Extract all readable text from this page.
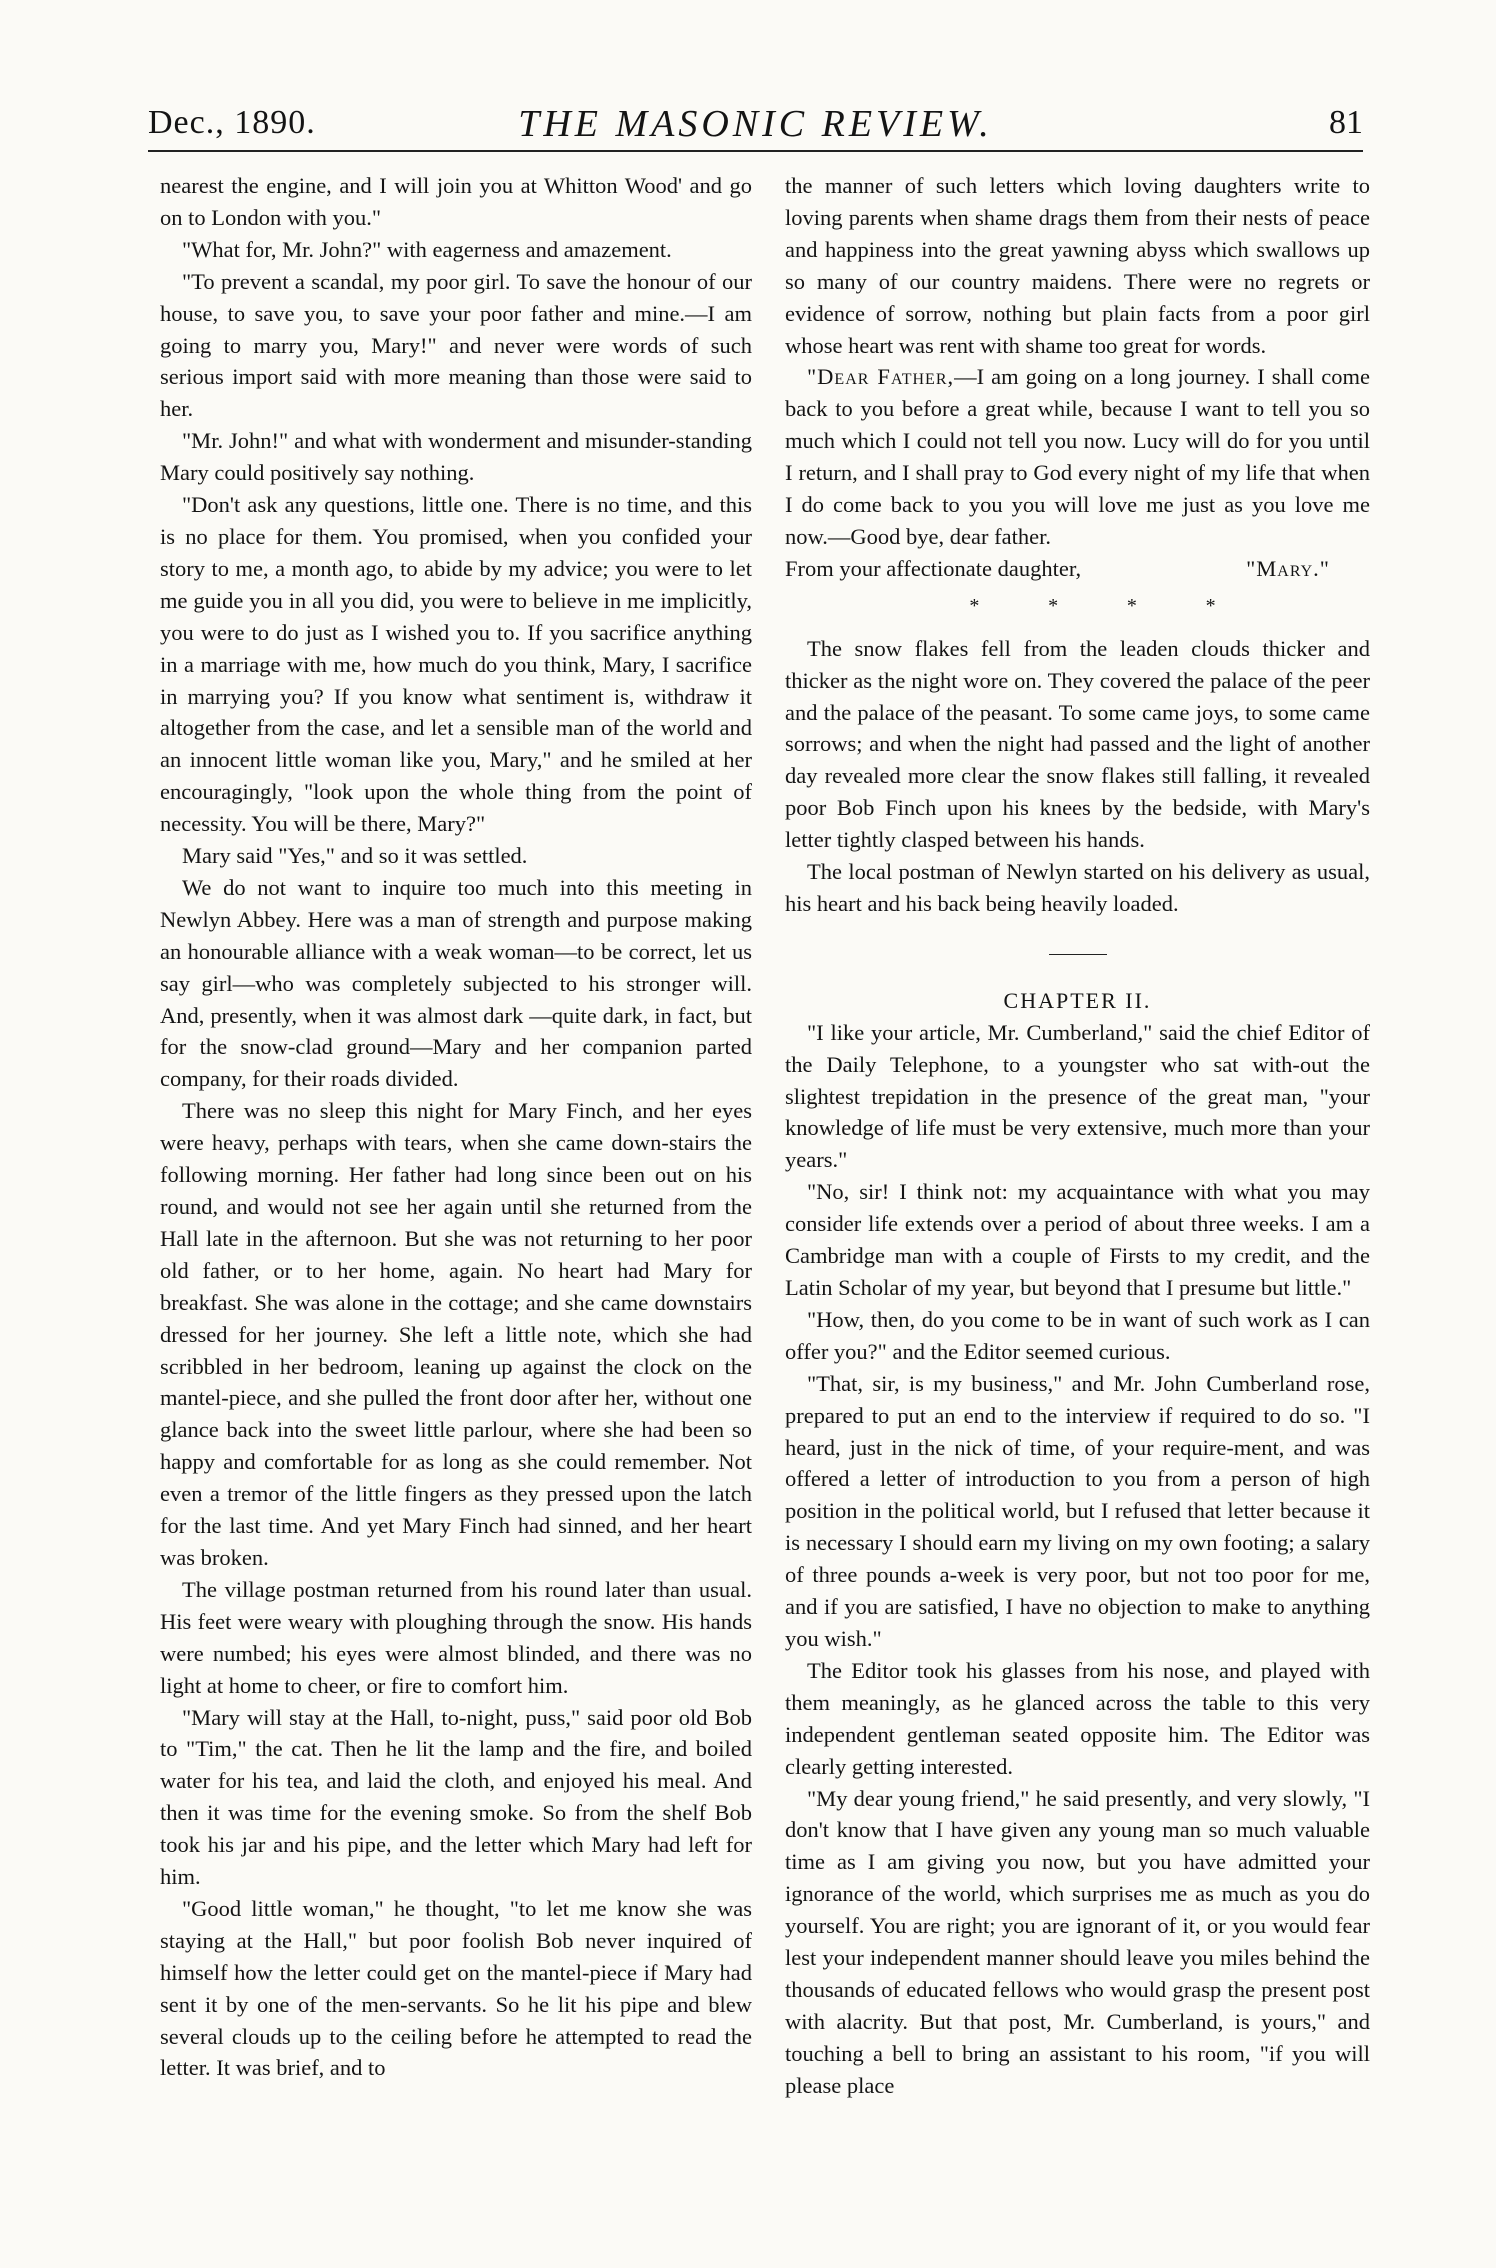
Dec., 1890.	THE MASONIC REVIEW.	81

nearest the engine, and I will join you at Whitton Wood' and go on to London with you."

"What for, Mr. John?" with eagerness and amazement.

"To prevent a scandal, my poor girl. To save the honour of our house, to save you, to save your poor father and mine.—I am going to marry you, Mary!" and never were words of such serious import said with more meaning than those were said to her.

"Mr. John!" and what with wonderment and misunder-standing Mary could positively say nothing.

"Don't ask any questions, little one. There is no time, and this is no place for them. You promised, when you confided your story to me, a month ago, to abide by my advice; you were to let me guide you in all you did, you were to believe in me implicitly, you were to do just as I wished you to. If you sacrifice anything in a marriage with me, how much do you think, Mary, I sacrifice in marrying you? If you know what sentiment is, withdraw it altogether from the case, and let a sensible man of the world and an innocent little woman like you, Mary," and he smiled at her encouragingly, "look upon the whole thing from the point of necessity. You will be there, Mary?"

Mary said "Yes," and so it was settled.

We do not want to inquire too much into this meeting in Newlyn Abbey. Here was a man of strength and purpose making an honourable alliance with a weak woman—to be correct, let us say girl—who was completely subjected to his stronger will. And, presently, when it was almost dark —quite dark, in fact, but for the snow-clad ground—Mary and her companion parted company, for their roads divided.

There was no sleep this night for Mary Finch, and her eyes were heavy, perhaps with tears, when she came down-stairs the following morning. Her father had long since been out on his round, and would not see her again until she returned from the Hall late in the afternoon. But she was not returning to her poor old father, or to her home, again. No heart had Mary for breakfast. She was alone in the cottage; and she came downstairs dressed for her journey. She left a little note, which she had scribbled in her bedroom, leaning up against the clock on the mantel-piece, and she pulled the front door after her, without one glance back into the sweet little parlour, where she had been so happy and comfortable for as long as she could remember. Not even a tremor of the little fingers as they pressed upon the latch for the last time. And yet Mary Finch had sinned, and her heart was broken.

The village postman returned from his round later than usual. His feet were weary with ploughing through the snow. His hands were numbed; his eyes were almost blinded, and there was no light at home to cheer, or fire to comfort him.

"Mary will stay at the Hall, to-night, puss," said poor old Bob to "Tim," the cat. Then he lit the lamp and the fire, and boiled water for his tea, and laid the cloth, and enjoyed his meal. And then it was time for the evening smoke. So from the shelf Bob took his jar and his pipe, and the letter which Mary had left for him.

"Good little woman," he thought, "to let me know she was staying at the Hall," but poor foolish Bob never inquired of himself how the letter could get on the mantel-piece if Mary had sent it by one of the men-servants. So he lit his pipe and blew several clouds up to the ceiling before he attempted to read the letter. It was brief, and to

the manner of such letters which loving daughters write to loving parents when shame drags them from their nests of peace and happiness into the great yawning abyss which swallows up so many of our country maidens. There were no regrets or evidence of sorrow, nothing but plain facts from a poor girl whose heart was rent with shame too great for words.

"Dear Father,—I am going on a long journey. I shall come back to you before a great while, because I want to tell you so much which I could not tell you now. Lucy will do for you until I return, and I shall pray to God every night of my life that when I do come back to you you will love me just as you love me now.—Good bye, dear father.

From your affectionate daughter,	"Mary."

*	*	*	*

The snow flakes fell from the leaden clouds thicker and thicker as the night wore on. They covered the palace of the peer and the palace of the peasant. To some came joys, to some came sorrows; and when the night had passed and the light of another day revealed more clear the snow flakes still falling, it revealed poor Bob Finch upon his knees by the bedside, with Mary's letter tightly clasped between his hands.

The local postman of Newlyn started on his delivery as usual, his heart and his back being heavily loaded.

CHAPTER II.

"I like your article, Mr. Cumberland," said the chief Editor of the Daily Telephone, to a youngster who sat with-out the slightest trepidation in the presence of the great man, "your knowledge of life must be very extensive, much more than your years."

"No, sir! I think not: my acquaintance with what you may consider life extends over a period of about three weeks. I am a Cambridge man with a couple of Firsts to my credit, and the Latin Scholar of my year, but beyond that I presume but little."

"How, then, do you come to be in want of such work as I can offer you?" and the Editor seemed curious.

"That, sir, is my business," and Mr. John Cumberland rose, prepared to put an end to the interview if required to do so. "I heard, just in the nick of time, of your require-ment, and was offered a letter of introduction to you from a person of high position in the political world, but I refused that letter because it is necessary I should earn my living on my own footing; a salary of three pounds a-week is very poor, but not too poor for me, and if you are satisfied, I have no objection to make to anything you wish."

The Editor took his glasses from his nose, and played with them meaningly, as he glanced across the table to this very independent gentleman seated opposite him. The Editor was clearly getting interested.

"My dear young friend," he said presently, and very slowly, "I don't know that I have given any young man so much valuable time as I am giving you now, but you have admitted your ignorance of the world, which surprises me as much as you do yourself. You are right; you are ignorant of it, or you would fear lest your independent manner should leave you miles behind the thousands of educated fellows who would grasp the present post with alacrity. But that post, Mr. Cumberland, is yours," and touching a bell to bring an assistant to his room, "if you will please place
